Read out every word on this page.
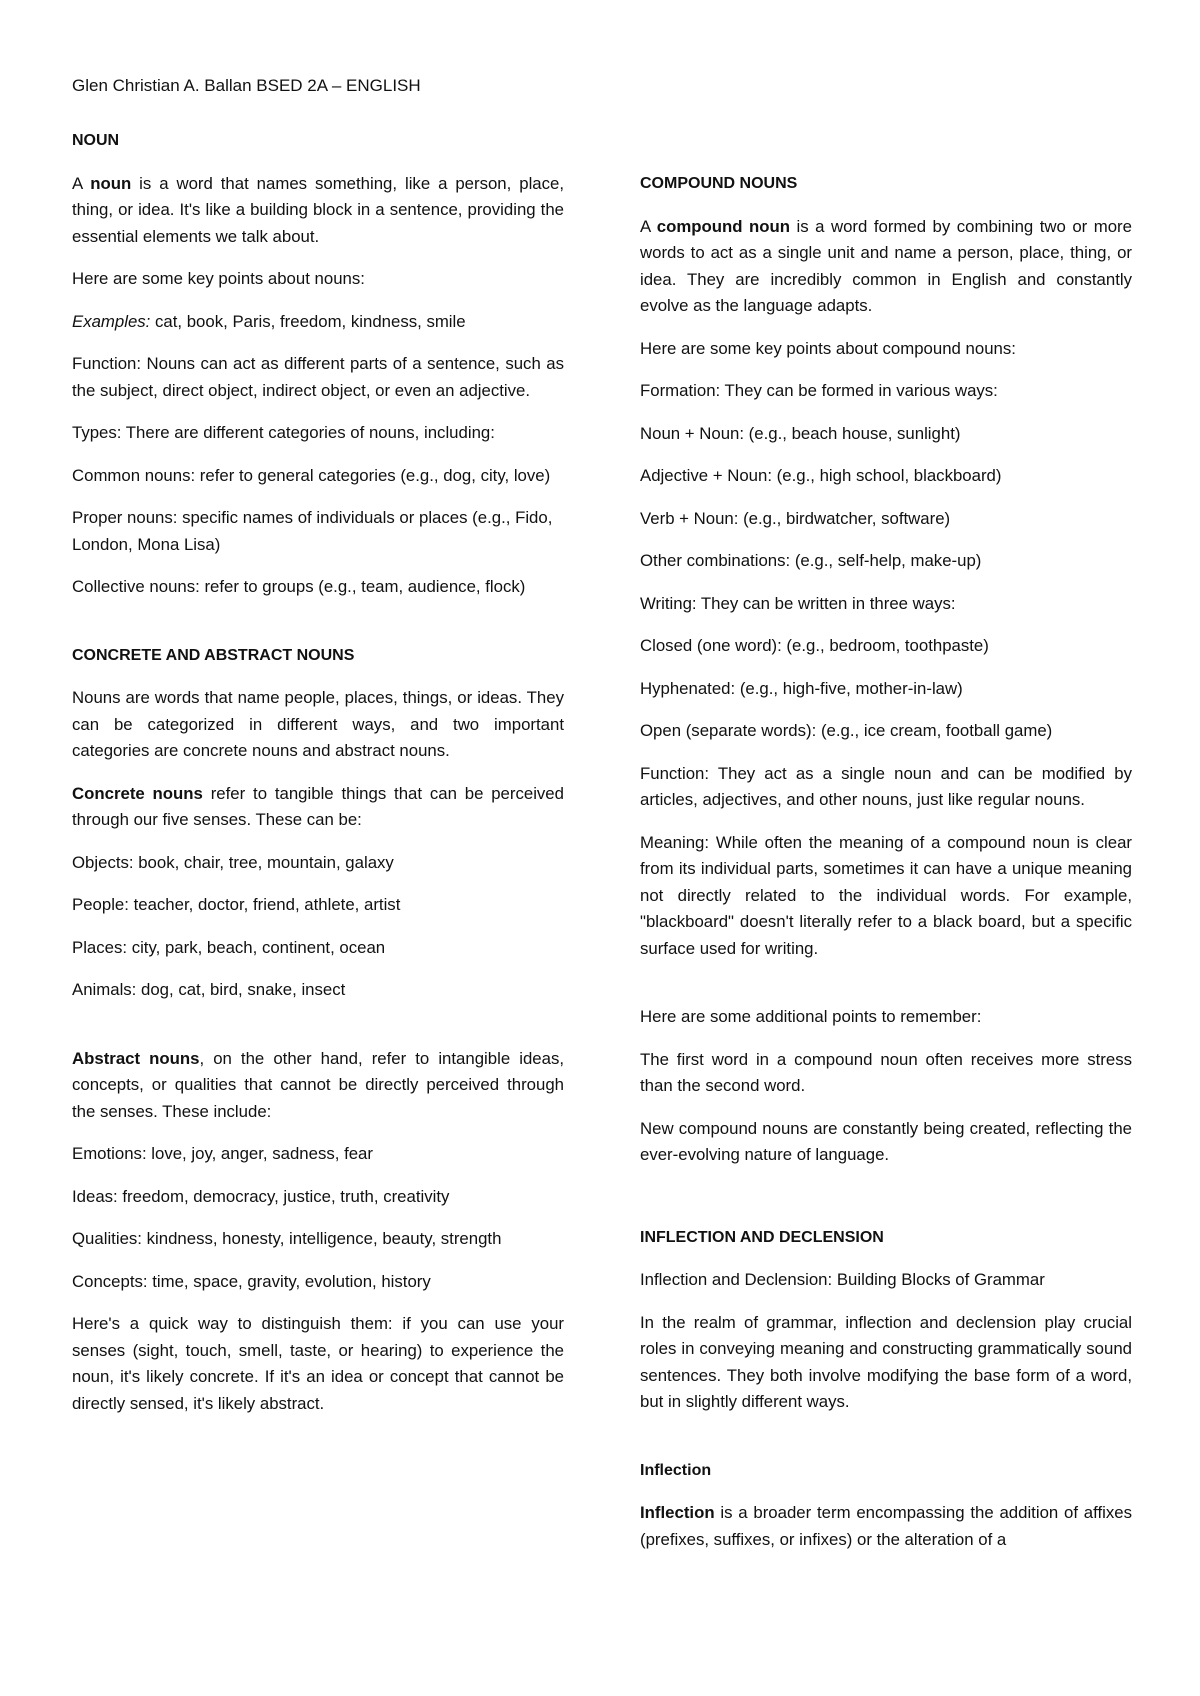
Glen Christian A. Ballan BSED 2A – ENGLISH
NOUN

A noun is a word that names something, like a person, place, thing, or idea. It's like a building block in a sentence, providing the essential elements we talk about.

Here are some key points about nouns:

Examples: cat, book, Paris, freedom, kindness, smile

Function: Nouns can act as different parts of a sentence, such as the subject, direct object, indirect object, or even an adjective.

Types: There are different categories of nouns, including:

Common nouns: refer to general categories (e.g., dog, city, love)

Proper nouns: specific names of individuals or places (e.g., Fido, London, Mona Lisa)

Collective nouns: refer to groups (e.g., team, audience, flock)

CONCRETE AND ABSTRACT NOUNS

Nouns are words that name people, places, things, or ideas. They can be categorized in different ways, and two important categories are concrete nouns and abstract nouns.

Concrete nouns refer to tangible things that can be perceived through our five senses. These can be:

Objects: book, chair, tree, mountain, galaxy

People: teacher, doctor, friend, athlete, artist

Places: city, park, beach, continent, ocean

Animals: dog, cat, bird, snake, insect

Abstract nouns, on the other hand, refer to intangible ideas, concepts, or qualities that cannot be directly perceived through the senses. These include:

Emotions: love, joy, anger, sadness, fear

Ideas: freedom, democracy, justice, truth, creativity

Qualities: kindness, honesty, intelligence, beauty, strength

Concepts: time, space, gravity, evolution, history

Here's a quick way to distinguish them: if you can use your senses (sight, touch, smell, taste, or hearing) to experience the noun, it's likely concrete. If it's an idea or concept that cannot be directly sensed, it's likely abstract.

COMPOUND NOUNS

A compound noun is a word formed by combining two or more words to act as a single unit and name a person, place, thing, or idea. They are incredibly common in English and constantly evolve as the language adapts.

Here are some key points about compound nouns:

Formation: They can be formed in various ways:

Noun + Noun: (e.g., beach house, sunlight)

Adjective + Noun: (e.g., high school, blackboard)

Verb + Noun: (e.g., birdwatcher, software)

Other combinations: (e.g., self-help, make-up)

Writing: They can be written in three ways:

Closed (one word): (e.g., bedroom, toothpaste)

Hyphenated: (e.g., high-five, mother-in-law)

Open (separate words): (e.g., ice cream, football game)

Function: They act as a single noun and can be modified by articles, adjectives, and other nouns, just like regular nouns.

Meaning: While often the meaning of a compound noun is clear from its individual parts, sometimes it can have a unique meaning not directly related to the individual words. For example, "blackboard" doesn't literally refer to a black board, but a specific surface used for writing.

Here are some additional points to remember:

The first word in a compound noun often receives more stress than the second word.

New compound nouns are constantly being created, reflecting the ever-evolving nature of language.

INFLECTION AND DECLENSION

Inflection and Declension: Building Blocks of Grammar

In the realm of grammar, inflection and declension play crucial roles in conveying meaning and constructing grammatically sound sentences. They both involve modifying the base form of a word, but in slightly different ways.

Inflection

Inflection is a broader term encompassing the addition of affixes (prefixes, suffixes, or infixes) or the alteration of a
